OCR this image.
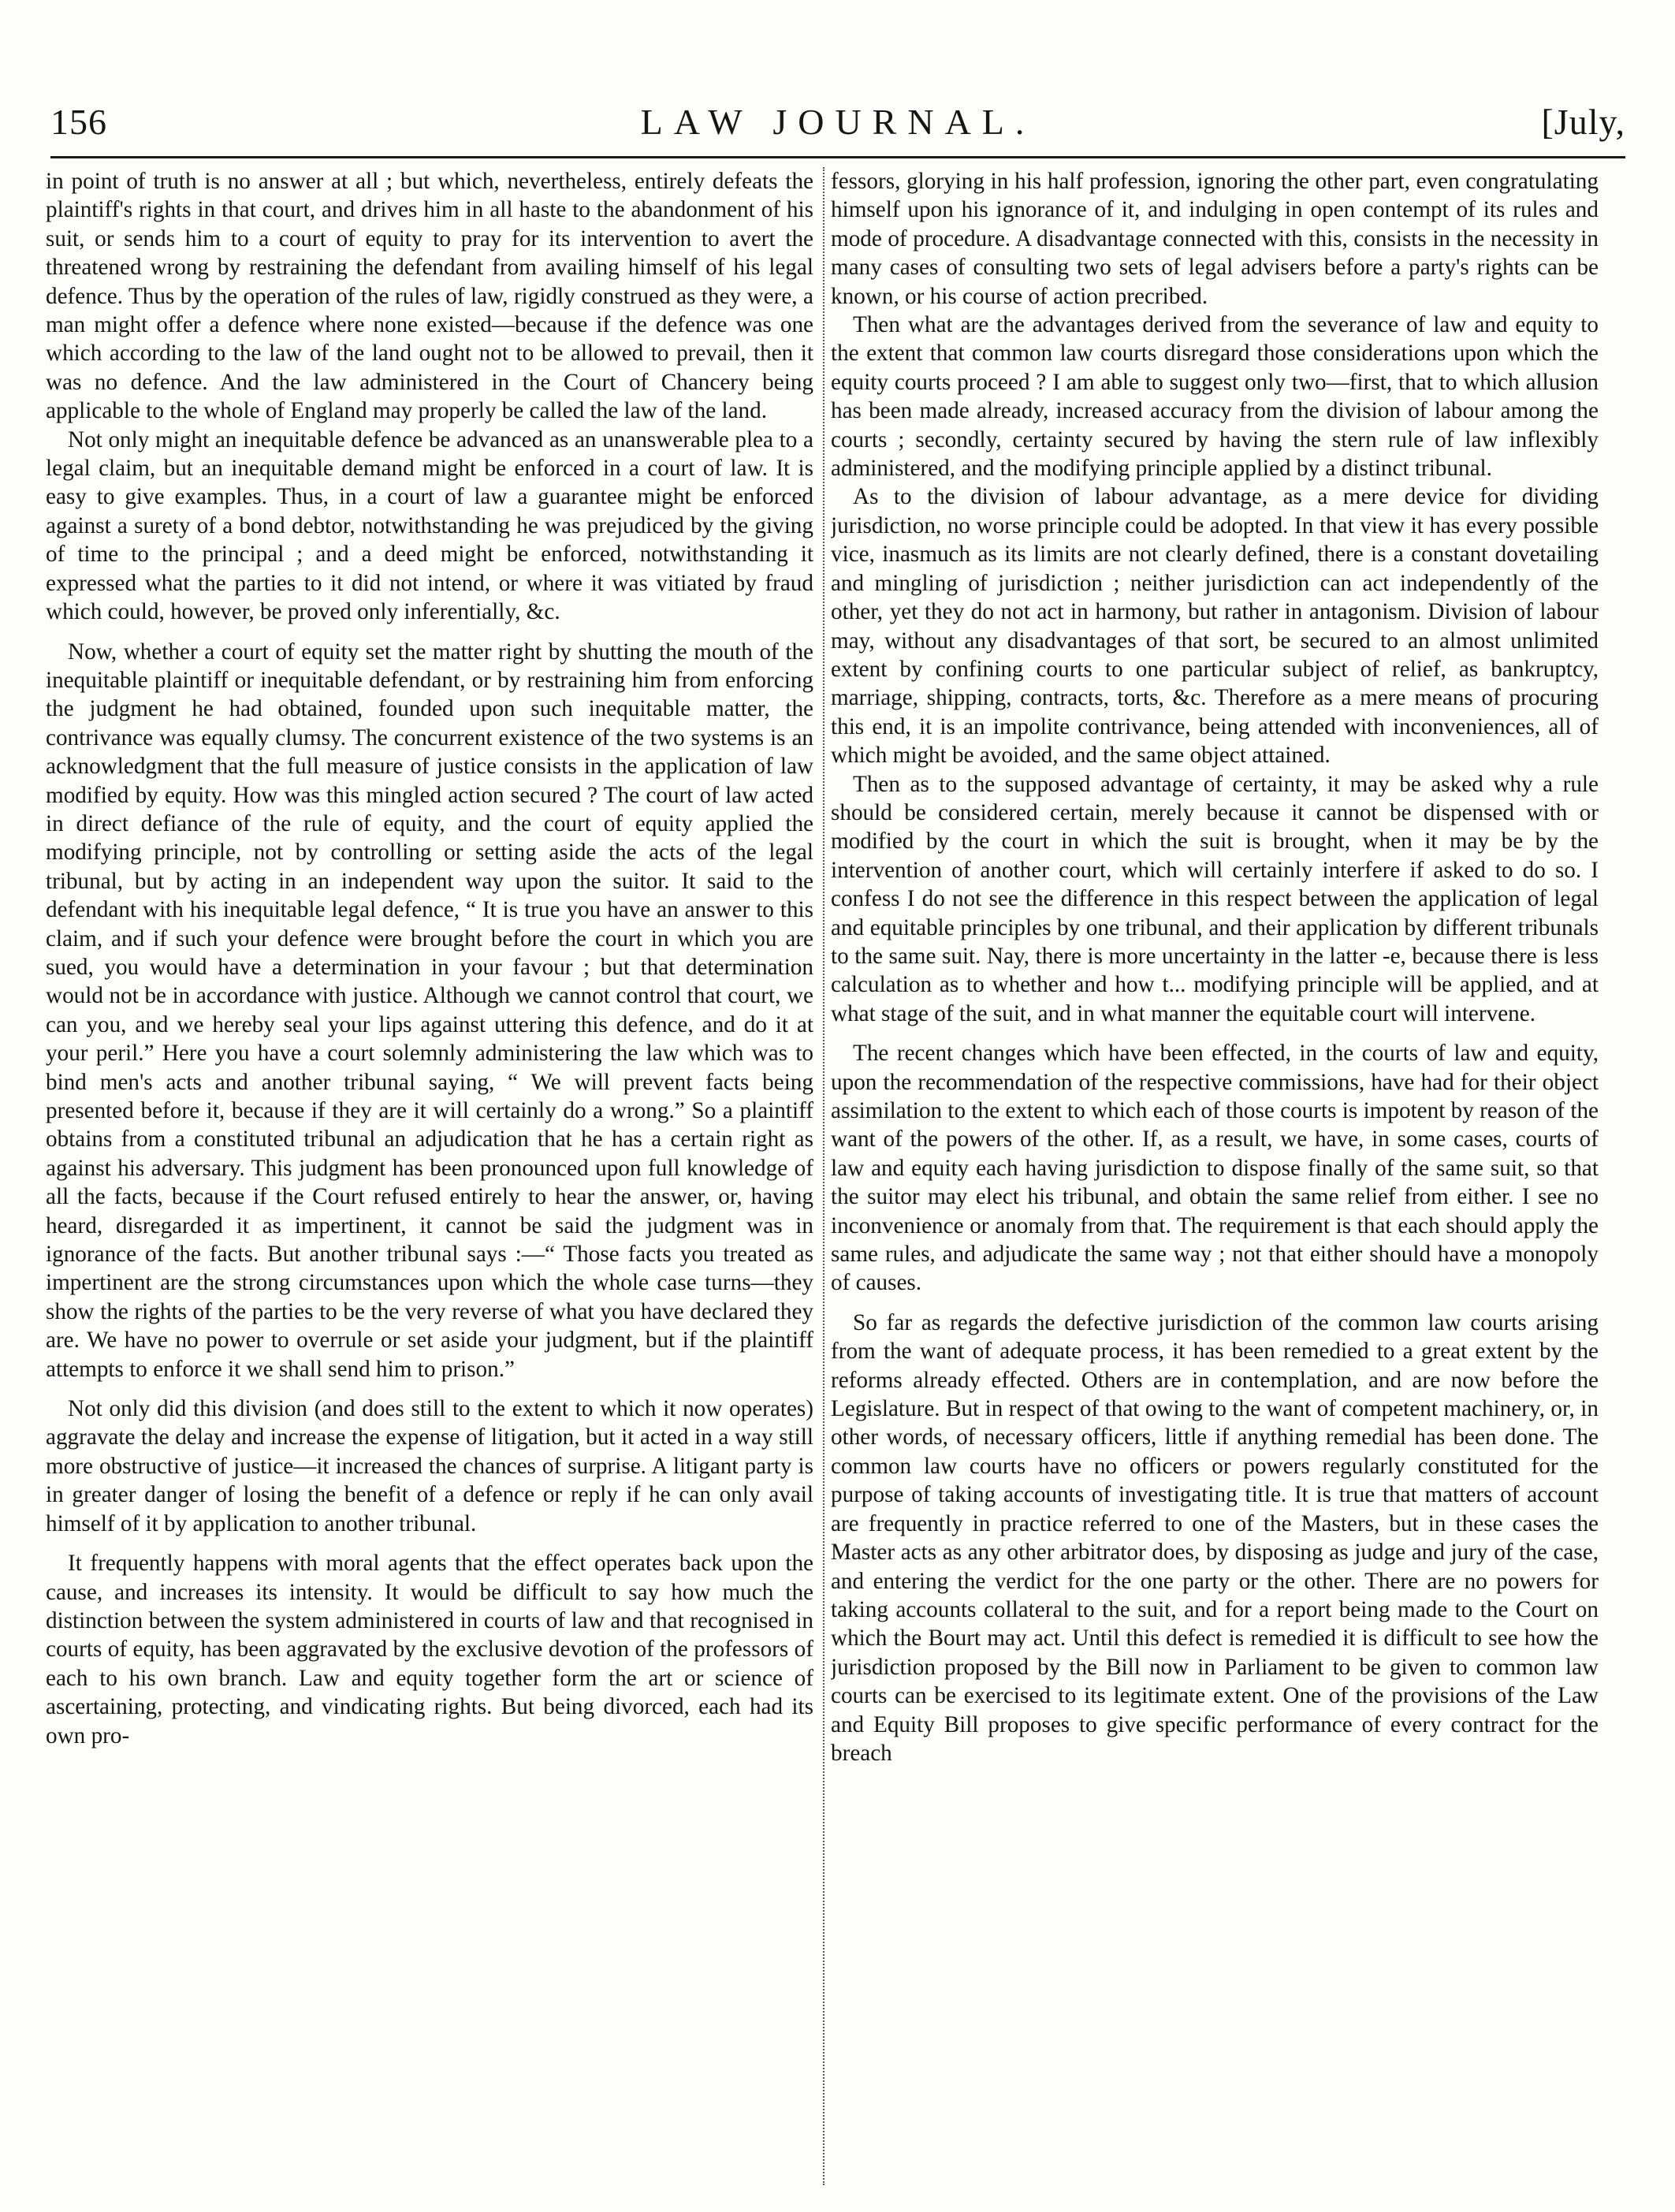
156	LAW JOURNAL.	[July,

in point of truth is no answer at all ; but which, nevertheless, entirely defeats the plaintiff's rights in that court, and drives him in all haste to the abandonment of his suit, or sends him to a court of equity to pray for its intervention to avert the threatened wrong by restraining the defendant from availing himself of his legal defence. Thus by the operation of the rules of law, rigidly construed as they were, a man might offer a defence where none existed—because if the defence was one which according to the law of the land ought not to be allowed to prevail, then it was no defence. And the law administered in the Court of Chancery being applicable to the whole of England may properly be called the law of the land.

Not only might an inequitable defence be advanced as an unanswerable plea to a legal claim, but an inequitable demand might be enforced in a court of law. It is easy to give examples. Thus, in a court of law a guarantee might be enforced against a surety of a bond debtor, notwithstanding he was prejudiced by the giving of time to the principal ; and a deed might be enforced, notwithstanding it expressed what the parties to it did not intend, or where it was vitiated by fraud which could, however, be proved only inferentially, &c.

Now, whether a court of equity set the matter right by shutting the mouth of the inequitable plaintiff or inequitable defendant, or by restraining him from enforcing the judgment he had obtained, founded upon such inequitable matter, the contrivance was equally clumsy. The concurrent existence of the two systems is an acknowledgment that the full measure of justice consists in the application of law modified by equity. How was this mingled action secured ? The court of law acted in direct defiance of the rule of equity, and the court of equity applied the modifying principle, not by controlling or setting aside the acts of the legal tribunal, but by acting in an independent way upon the suitor. It said to the defendant with his inequitable legal defence, “ It is true you have an answer to this claim, and if such your defence were brought before the court in which you are sued, you would have a determination in your favour ; but that determination would not be in accordance with justice. Although we cannot control that court, we can you, and we hereby seal your lips against uttering this defence, and do it at your peril.” Here you have a court solemnly administering the law which was to bind men's acts and another tribunal saying, “ We will prevent facts being presented before it, because if they are it will certainly do a wrong.” So a plaintiff obtains from a constituted tribunal an adjudication that he has a certain right as against his adversary. This judgment has been pronounced upon full knowledge of all the facts, because if the Court refused entirely to hear the answer, or, having heard, disregarded it as impertinent, it cannot be said the judgment was in ignorance of the facts. But another tribunal says :—“ Those facts you treated as impertinent are the strong circumstances upon which the whole case turns—they show the rights of the parties to be the very reverse of what you have declared they are. We have no power to overrule or set aside your judgment, but if the plaintiff attempts to enforce it we shall send him to prison.”

Not only did this division (and does still to the extent to which it now operates) aggravate the delay and increase the expense of litigation, but it acted in a way still more obstructive of justice—it increased the chances of surprise. A litigant party is in greater danger of losing the benefit of a defence or reply if he can only avail himself of it by application to another tribunal.

It frequently happens with moral agents that the effect operates back upon the cause, and increases its intensity. It would be difficult to say how much the distinction between the system administered in courts of law and that recognised in courts of equity, has been aggravated by the exclusive devotion of the professors of each to his own branch. Law and equity together form the art or science of ascertaining, protecting, and vindicating rights. But being divorced, each had its own pro-

fessors, glorying in his half profession, ignoring the other part, even congratulating himself upon his ignorance of it, and indulging in open contempt of its rules and mode of procedure. A disadvantage connected with this, consists in the necessity in many cases of consulting two sets of legal advisers before a party's rights can be known, or his course of action precribed.

Then what are the advantages derived from the severance of law and equity to the extent that common law courts disregard those considerations upon which the equity courts proceed ? I am able to suggest only two—first, that to which allusion has been made already, increased accuracy from the division of labour among the courts ; secondly, certainty secured by having the stern rule of law inflexibly administered, and the modifying principle applied by a distinct tribunal.

As to the division of labour advantage, as a mere device for dividing jurisdiction, no worse principle could be adopted. In that view it has every possible vice, inasmuch as its limits are not clearly defined, there is a constant dovetailing and mingling of jurisdiction ; neither jurisdiction can act independently of the other, yet they do not act in harmony, but rather in antagonism. Division of labour may, without any disadvantages of that sort, be secured to an almost unlimited extent by confining courts to one particular subject of relief, as bankruptcy, marriage, shipping, contracts, torts, &c. Therefore as a mere means of procuring this end, it is an impolite contrivance, being attended with inconveniences, all of which might be avoided, and the same object attained.

Then as to the supposed advantage of certainty, it may be asked why a rule should be considered certain, merely because it cannot be dispensed with or modified by the court in which the suit is brought, when it may be by the intervention of another court, which will certainly interfere if asked to do so. I confess I do not see the difference in this respect between the application of legal and equitable principles by one tribunal, and their application by different tribunals to the same suit. Nay, there is more uncertainty in the latter -e, because there is less calculation as to whether and how t... modifying principle will be applied, and at what stage of the suit, and in what manner the equitable court will intervene.

The recent changes which have been effected, in the courts of law and equity, upon the recommendation of the respective commissions, have had for their object assimilation to the extent to which each of those courts is impotent by reason of the want of the powers of the other. If, as a result, we have, in some cases, courts of law and equity each having jurisdiction to dispose finally of the same suit, so that the suitor may elect his tribunal, and obtain the same relief from either. I see no inconvenience or anomaly from that. The requirement is that each should apply the same rules, and adjudicate the same way ; not that either should have a monopoly of causes.

So far as regards the defective jurisdiction of the common law courts arising from the want of adequate process, it has been remedied to a great extent by the reforms already effected. Others are in contemplation, and are now before the Legislature. But in respect of that owing to the want of competent machinery, or, in other words, of necessary officers, little if anything remedial has been done. The common law courts have no officers or powers regularly constituted for the purpose of taking accounts of investigating title. It is true that matters of account are frequently in practice referred to one of the Masters, but in these cases the Master acts as any other arbitrator does, by disposing as judge and jury of the case, and entering the verdict for the one party or the other. There are no powers for taking accounts collateral to the suit, and for a report being made to the Court on which the Bourt may act. Until this defect is remedied it is difficult to see how the jurisdiction proposed by the Bill now in Parliament to be given to common law courts can be exercised to its legitimate extent. One of the provisions of the Law and Equity Bill proposes to give specific performance of every contract for the breach
